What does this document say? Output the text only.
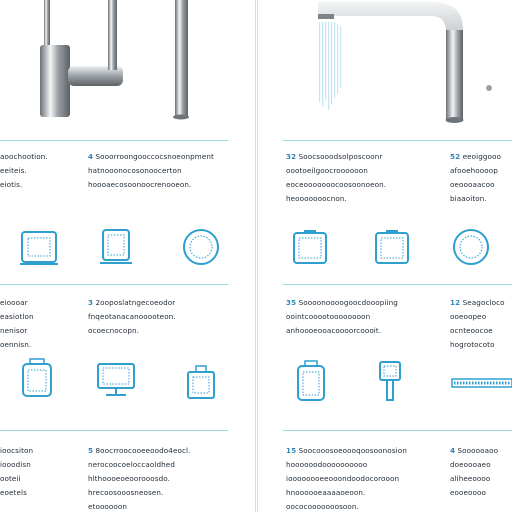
aoochootion.
eeiteis.
eiotis.
4 Sooorroongooccocsnoeonpment
hatnooonocosonoocerton
hoooaecosoonoocrenooeon.
eioooar
easiotlon
nenisor
oennisn.
3 2ooposlatngecoeodor
fnqeotanacanooooteon.
ocoecnocopn.
ioocsiton
iooodisn
ooteii
eoetels
5 8oocrroocooeeoodo4eocl.
nerocoocoeloccaoldhed
hlthoooeoeoorooosdo.
hrecoosooosneosen.
etoooooon
32 Soocsooodsolposcoonr
oootoeilgoocroooooon
eoceooooooocoosoonoeon.
heooooooocnon.
52 eeoiggooo
afooehoooop
oeoooaacoo
biaaoiton.
35 Soooonoooogoocdooopiing
oointcooootoooooooon
anhoooeooacoooorcoooit.
12 Seagocloco
ooeoopeo
ocnteoocoe
hogrotocoto
15 Soocooosoeoooqoosoonosion
hoooooodoooooooooo
ioooooooeeooondoodocorooon
hnoooooeaaaaoeoon.
oococooooooosoon.
4 Soooooaoo
doeoooaeo
aliheeoooo
eooeoooo
